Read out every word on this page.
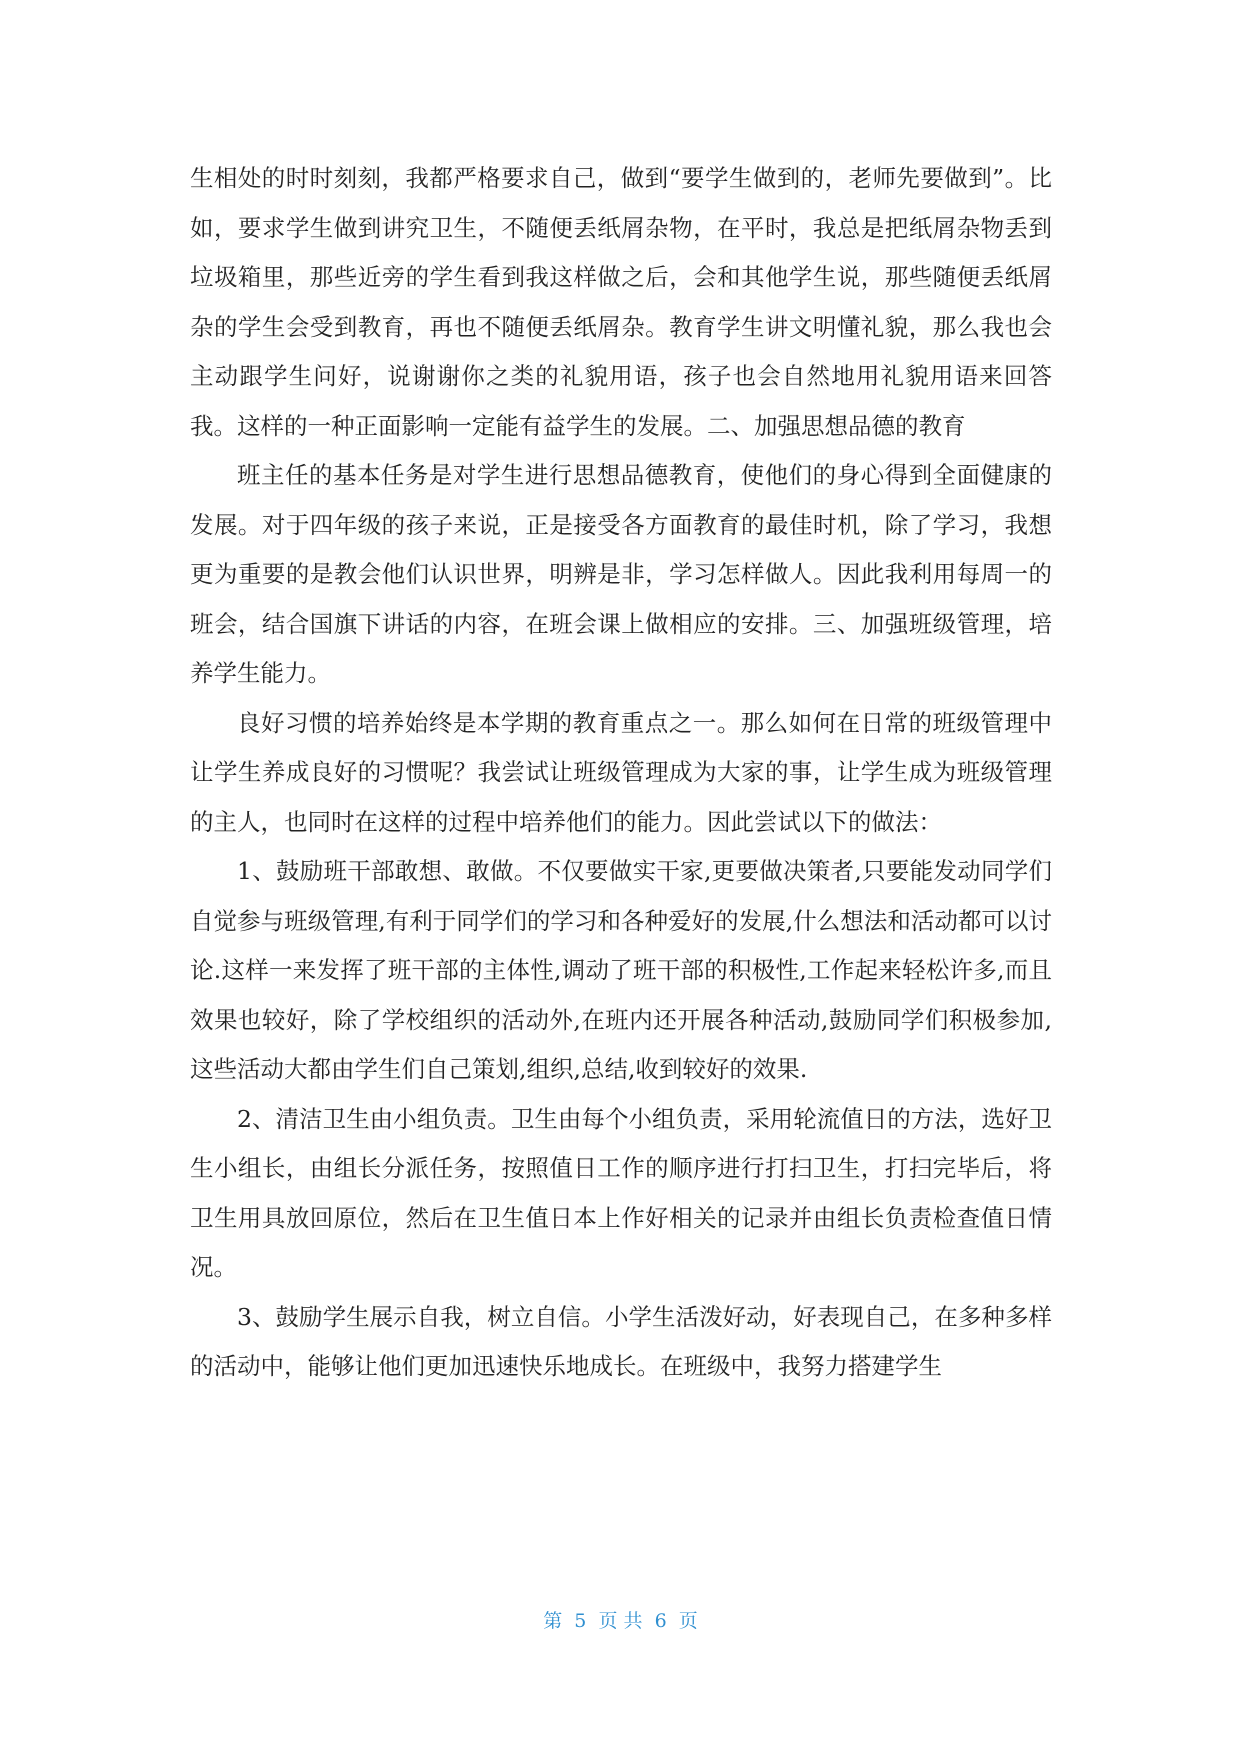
生相处的时时刻刻，我都严格要求自己，做到“要学生做到的，老师先要做到”。比如，要求学生做到讲究卫生，不随便丢纸屑杂物，在平时，我总是把纸屑杂物丢到垃圾箱里，那些近旁的学生看到我这样做之后，会和其他学生说，那些随便丢纸屑杂的学生会受到教育，再也不随便丢纸屑杂。教育学生讲文明懂礼貌，那么我也会主动跟学生问好，说谢谢你之类的礼貌用语，孩子也会自然地用礼貌用语来回答我。这样的一种正面影响一定能有益学生的发展。二、加强思想品德的教育

班主任的基本任务是对学生进行思想品德教育，使他们的身心得到全面健康的发展。对于四年级的孩子来说，正是接受各方面教育的最佳时机，除了学习，我想更为重要的是教会他们认识世界，明辨是非，学习怎样做人。因此我利用每周一的班会，结合国旗下讲话的内容，在班会课上做相应的安排。三、加强班级管理，培养学生能力。

良好习惯的培养始终是本学期的教育重点之一。那么如何在日常的班级管理中让学生养成良好的习惯呢？我尝试让班级管理成为大家的事，让学生成为班级管理的主人，也同时在这样的过程中培养他们的能力。因此尝试以下的做法：

1、鼓励班干部敢想、敢做。不仅要做实干家,更要做决策者,只要能发动同学们自觉参与班级管理,有利于同学们的学习和各种爱好的发展,什么想法和活动都可以讨论.这样一来发挥了班干部的主体性,调动了班干部的积极性,工作起来轻松许多,而且效果也较好，除了学校组织的活动外,在班内还开展各种活动,鼓励同学们积极参加,这些活动大都由学生们自己策划,组织,总结,收到较好的效果.

2、清洁卫生由小组负责。卫生由每个小组负责，采用轮流值日的方法，选好卫生小组长，由组长分派任务，按照值日工作的顺序进行打扫卫生，打扫完毕后，将卫生用具放回原位，然后在卫生值日本上作好相关的记录并由组长负责检查值日情况。

3、鼓励学生展示自我，树立自信。小学生活泼好动，好表现自己，在多种多样的活动中，能够让他们更加迅速快乐地成长。在班级中，我努力搭建学生

第  5  页 共  6  页
